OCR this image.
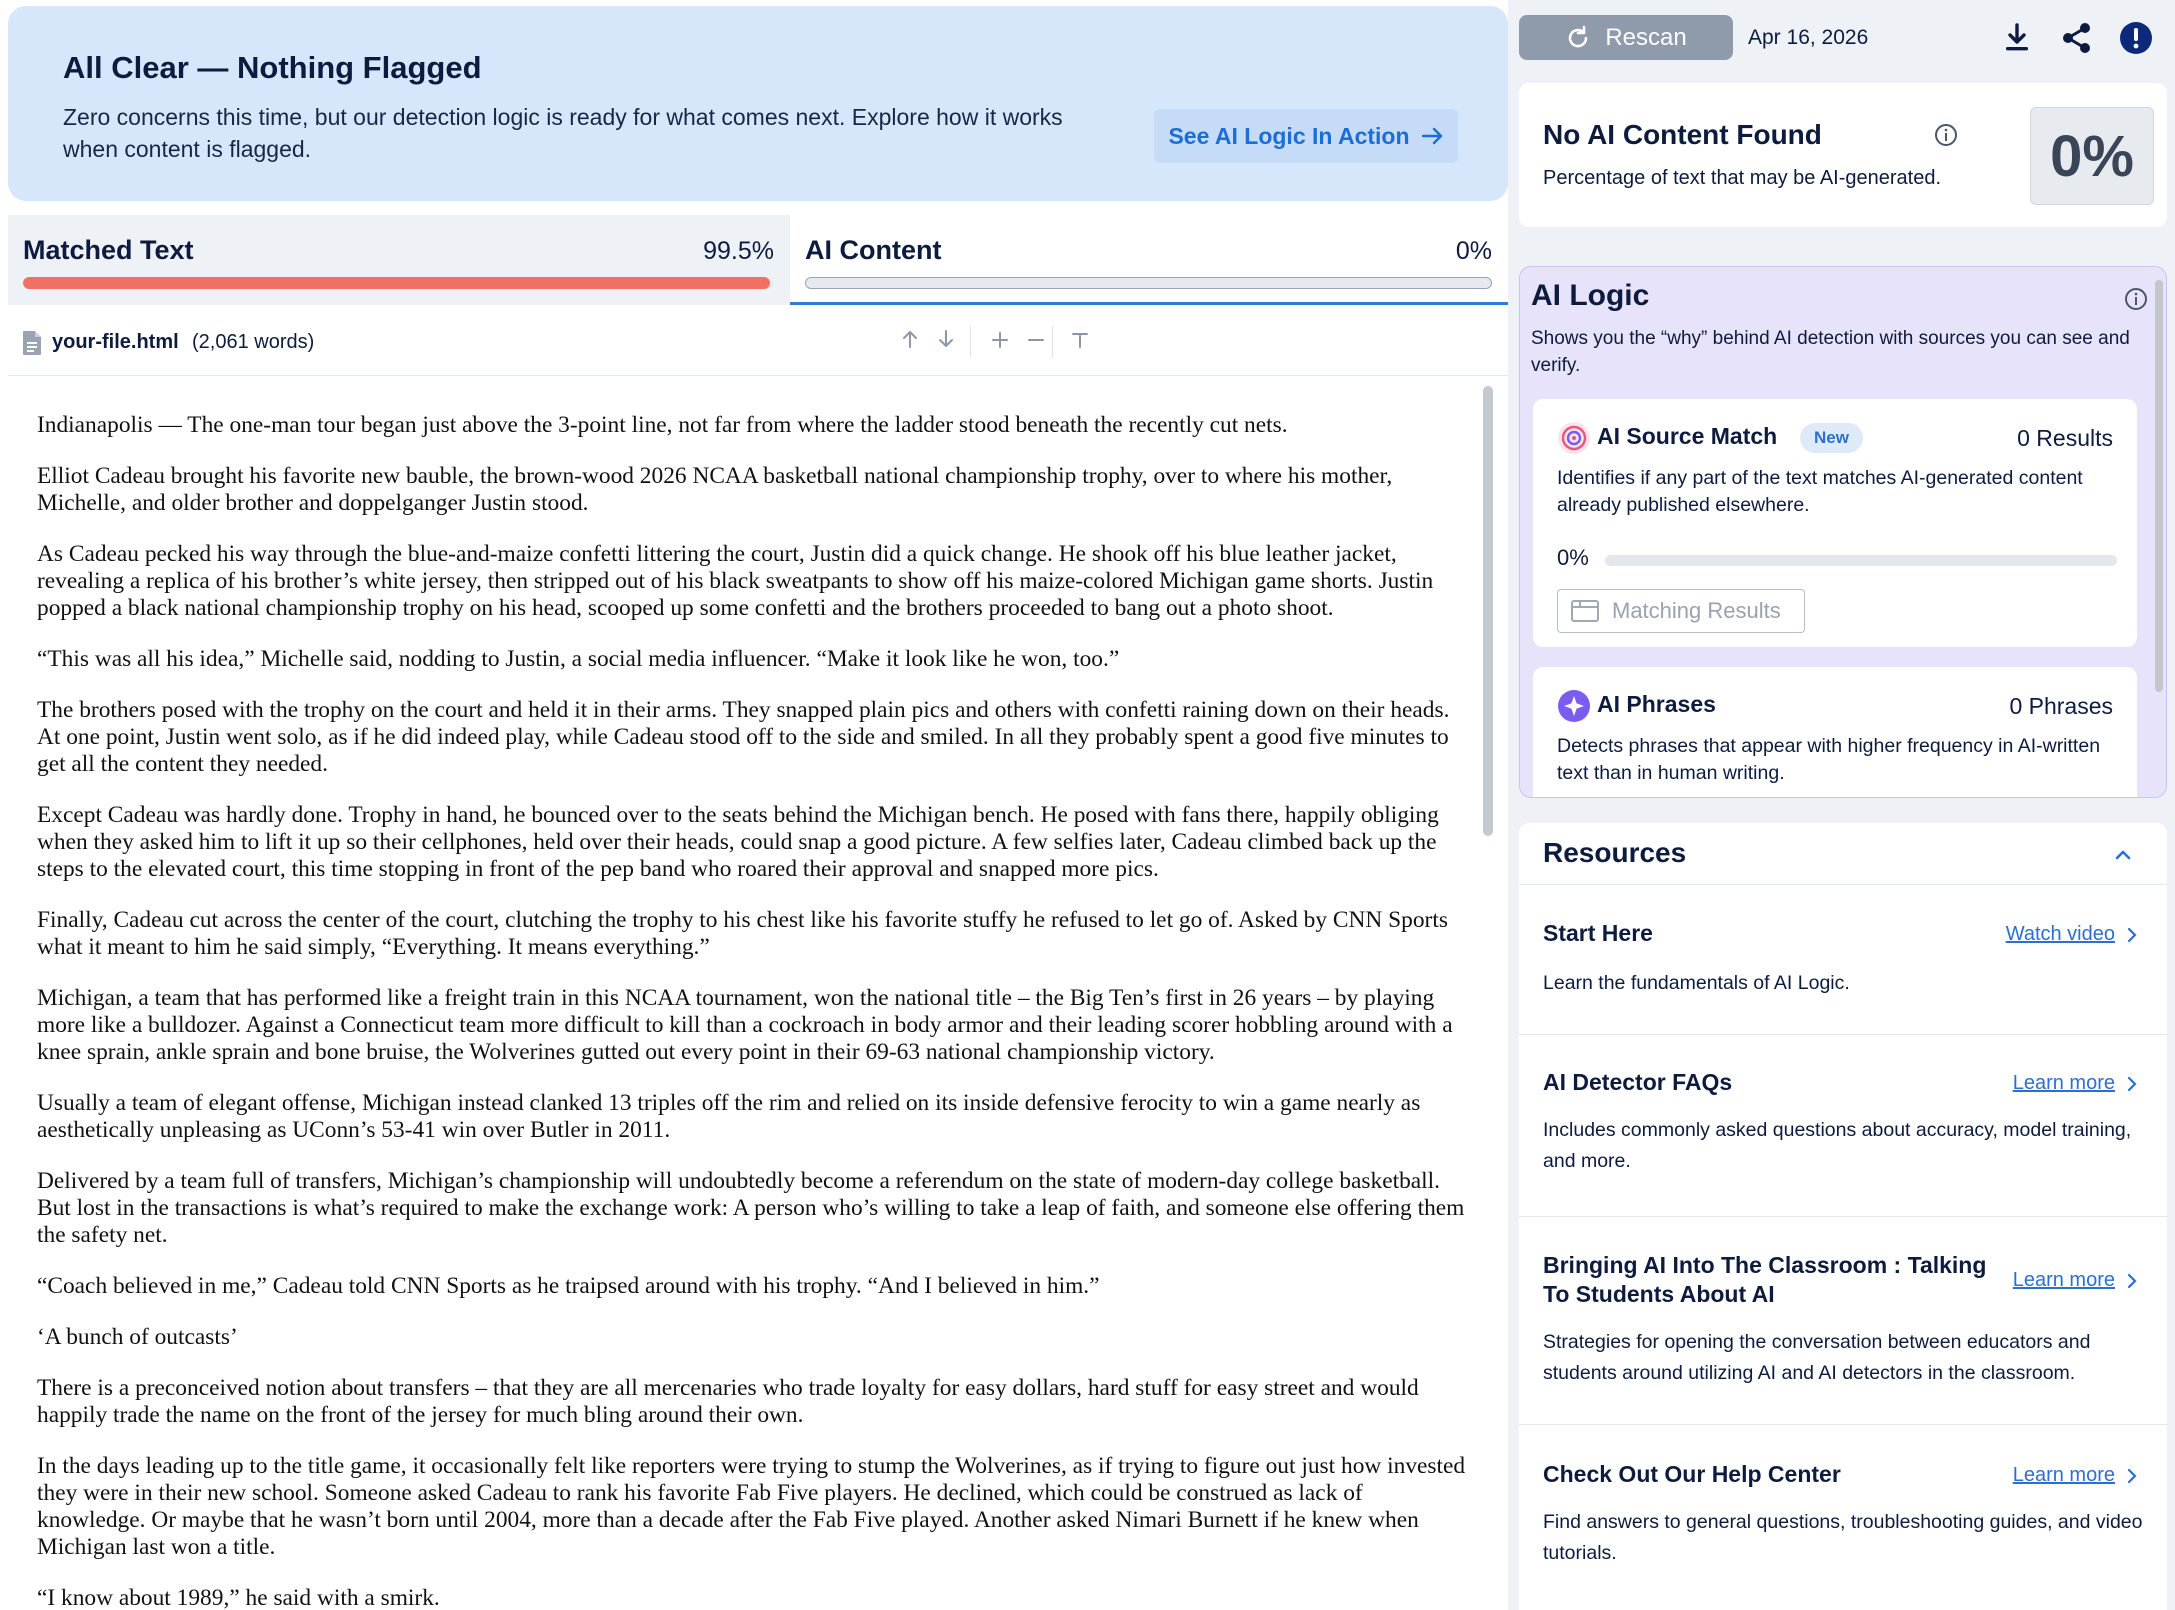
All Clear — Nothing Flagged
Zero concerns this time, but our detection logic is ready for what comes next. Explore how it works when content is flagged.
See AI Logic In Action
Matched Text	99.5% AI Content	0%
your-file.html (2,061 words)

Indianapolis — The one-man tour began just above the 3-point line, not far from where the ladder stood beneath the recently cut nets.

Elliot Cadeau brought his favorite new bauble, the brown-wood 2026 NCAA basketball national championship trophy, over to where his mother, Michelle, and older brother and doppelganger Justin stood.

As Cadeau pecked his way through the blue-and-maize confetti littering the court, Justin did a quick change. He shook off his blue leather jacket, revealing a replica of his brother’s white jersey, then stripped out of his black sweatpants to show off his maize-colored Michigan game shorts. Justin popped a black national championship trophy on his head, scooped up some confetti and the brothers proceeded to bang out a photo shoot.

“This was all his idea,” Michelle said, nodding to Justin, a social media influencer. “Make it look like he won, too.”

The brothers posed with the trophy on the court and held it in their arms. They snapped plain pics and others with confetti raining down on their heads. At one point, Justin went solo, as if he did indeed play, while Cadeau stood off to the side and smiled. In all they probably spent a good five minutes to get all the content they needed.

Except Cadeau was hardly done. Trophy in hand, he bounced over to the seats behind the Michigan bench. He posed with fans there, happily obliging when they asked him to lift it up so their cellphones, held over their heads, could snap a good picture. A few selfies later, Cadeau climbed back up the steps to the elevated court, this time stopping in front of the pep band who roared their approval and snapped more pics.

Finally, Cadeau cut across the center of the court, clutching the trophy to his chest like his favorite stuffy he refused to let go of. Asked by CNN Sports what it meant to him he said simply, “Everything. It means everything.”

Michigan, a team that has performed like a freight train in this NCAA tournament, won the national title – the Big Ten’s first in 26 years – by playing more like a bulldozer. Against a Connecticut team more difficult to kill than a cockroach in body armor and their leading scorer hobbling around with a knee sprain, ankle sprain and bone bruise, the Wolverines gutted out every point in their 69-63 national championship victory.

Usually a team of elegant offense, Michigan instead clanked 13 triples off the rim and relied on its inside defensive ferocity to win a game nearly as aesthetically unpleasing as UConn’s 53-41 win over Butler in 2011.

Delivered by a team full of transfers, Michigan’s championship will undoubtedly become a referendum on the state of modern-day college basketball. But lost in the transactions is what’s required to make the exchange work: A person who’s willing to take a leap of faith, and someone else offering them the safety net.

“Coach believed in me,” Cadeau told CNN Sports as he traipsed around with his trophy. “And I believed in him.”

‘A bunch of outcasts’

There is a preconceived notion about transfers – that they are all mercenaries who trade loyalty for easy dollars, hard stuff for easy street and would happily trade the name on the front of the jersey for much bling around their own.

In the days leading up to the title game, it occasionally felt like reporters were trying to stump the Wolverines, as if trying to figure out just how invested they were in their new school. Someone asked Cadeau to rank his favorite Fab Five players. He declined, which could be construed as lack of knowledge. Or maybe that he wasn’t born until 2004, more than a decade after the Fab Five played. Another asked Nimari Burnett if he knew when Michigan last won a title.

“I know about 1989,” he said with a smirk.

Rescan	Apr 16, 2026
No AI Content Found
Percentage of text that may be AI-generated.	0%
AI Logic
Shows you the “why” behind AI detection with sources you can see and verify.
AI Source Match	New	0 Results
Identifies if any part of the text matches AI-generated content already published elsewhere.
0%
Matching Results
AI Phrases	0 Phrases
Detects phrases that appear with higher frequency in AI-written text than in human writing.
Resources
Start Here	Watch video
Learn the fundamentals of AI Logic.
AI Detector FAQs	Learn more
Includes commonly asked questions about accuracy, model training, and more.
Bringing AI Into The Classroom : Talking To Students About AI
Learn more
Strategies for opening the conversation between educators and students around utilizing AI and AI detectors in the classroom.
Check Out Our Help Center	Learn more
Find answers to general questions, troubleshooting guides, and video tutorials.
